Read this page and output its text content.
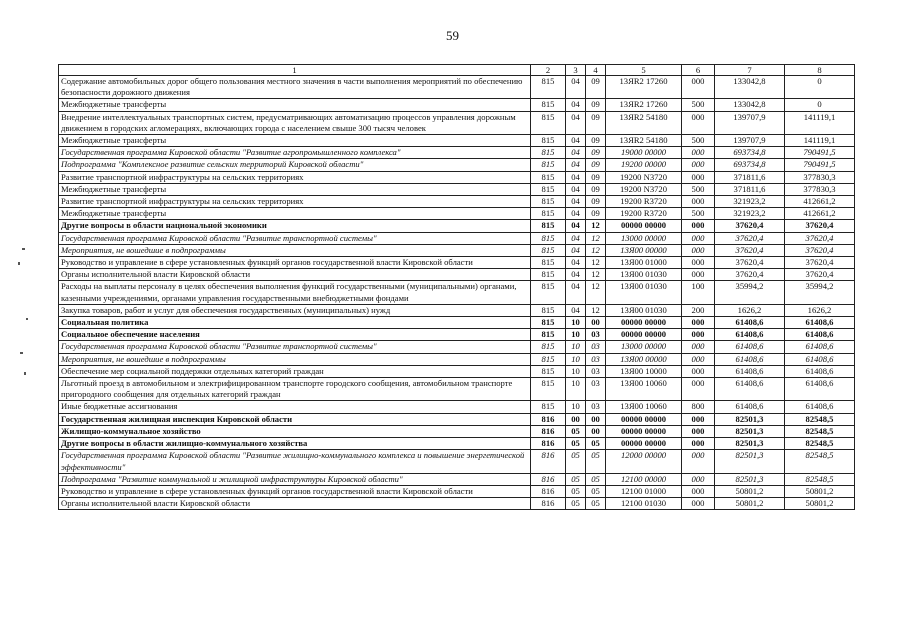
59
1	2	3	4	5	6	7	8
Содержание автомобильных дорог общего пользования местного значения в части выполнения мероприятий по обеспечению безопасности дорожного движения	815	04	09	13ЯR2 17260	000	133042,8	0
Межбюджетные трансферты	815	04	09	13ЯR2 17260	500	133042,8	0
Внедрение интеллектуальных транспортных систем, предусматривающих автоматизацию процессов управления дорожным движением в городских агломерациях, включающих города с населением свыше 300 тысяч человек	815	04	09	13ЯR2 54180	000	139707,9	141119,1
Межбюджетные трансферты	815	04	09	13ЯR2 54180	500	139707,9	141119,1
Государственная программа Кировской области "Развитие агропромышленного комплекса"	815	04	09	19000 00000	000	693734,8	790491,5
Подпрограмма "Комплексное развитие сельских территорий Кировской области"	815	04	09	19200 00000	000	693734,8	790491,5
Развитие транспортной инфраструктуры на сельских территориях	815	04	09	19200 N3720	000	371811,6	377830,3
Межбюджетные трансферты	815	04	09	19200 N3720	500	371811,6	377830,3
Развитие транспортной инфраструктуры на сельских территориях	815	04	09	19200 R3720	000	321923,2	412661,2
Межбюджетные трансферты	815	04	09	19200 R3720	500	321923,2	412661,2
Другие вопросы в области национальной экономики	815	04	12	00000 00000	000	37620,4	37620,4
Государственная программа Кировской области "Развитие транспортной системы"	815	04	12	13000 00000	000	37620,4	37620,4
Мероприятия, не вошедшие в подпрограммы	815	04	12	13Я00 00000	000	37620,4	37620,4
Руководство и управление в сфере установленных функций органов государственной власти Кировской области	815	04	12	13Я00 01000	000	37620,4	37620,4
Органы исполнительной власти Кировской области	815	04	12	13Я00 01030	000	37620,4	37620,4
Расходы на выплаты персоналу в целях обеспечения выполнения функций государственными (муниципальными) органами, казенными учреждениями, органами управления государственными внебюджетными фондами	815	04	12	13Я00 01030	100	35994,2	35994,2
Закупка товаров, работ и услуг для обеспечения государственных (муниципальных) нужд	815	04	12	13Я00 01030	200	1626,2	1626,2
Социальная политика	815	10	00	00000 00000	000	61408,6	61408,6
Социальное обеспечение населения	815	10	03	00000 00000	000	61408,6	61408,6
Государственная программа Кировской области "Развитие транспортной системы"	815	10	03	13000 00000	000	61408,6	61408,6
Мероприятия, не вошедшие в подпрограммы	815	10	03	13Я00 00000	000	61408,6	61408,6
Обеспечение мер социальной поддержки отдельных категорий граждан	815	10	03	13Я00 10000	000	61408,6	61408,6
Льготный проезд в автомобильном и электрифицированном транспорте городского сообщения, автомобильном транспорте пригородного сообщения для отдельных категорий граждан	815	10	03	13Я00 10060	000	61408,6	61408,6
Иные бюджетные ассигнования	815	10	03	13Я00 10060	800	61408,6	61408,6
Государственная жилищная инспекция Кировской области	816	00	00	00000 00000	000	82501,3	82548,5
Жилищно-коммунальное хозяйство	816	05	00	00000 00000	000	82501,3	82548,5
Другие вопросы в области жилищно-коммунального хозяйства	816	05	05	00000 00000	000	82501,3	82548,5
Государственная программа Кировской области "Развитие жилищно-коммунального комплекса и повышение энергетической эффективности"	816	05	05	12000 00000	000	82501,3	82548,5
Подпрограмма "Развитие коммунальной и жилищной инфраструктуры Кировской области"	816	05	05	12100 00000	000	82501,3	82548,5
Руководство и управление в сфере установленных функций органов государственной власти Кировской области	816	05	05	12100 01000	000	50801,2	50801,2
Органы исполнительной власти Кировской области	816	05	05	12100 01030	000	50801,2	50801,2
